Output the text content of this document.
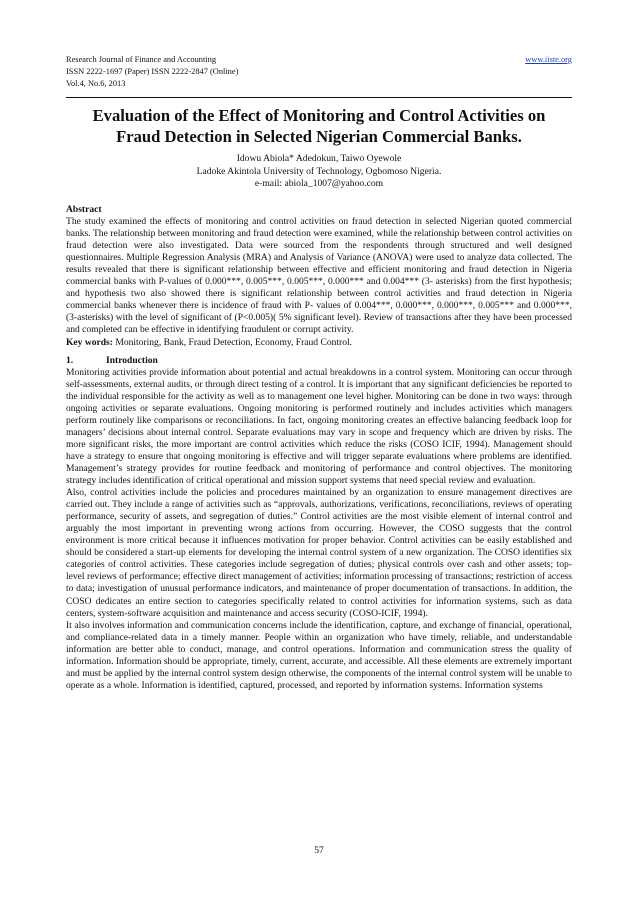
Research Journal of Finance and Accounting
ISSN 2222-1697 (Paper) ISSN 2222-2847 (Online)
Vol.4, No.6, 2013
www.iiste.org
Evaluation of the Effect of Monitoring and Control Activities on Fraud Detection in Selected Nigerian Commercial Banks.
Idowu Abiola* Adedokun, Taiwo Oyewole
Ladoke Akintola University of Technology, Ogbomoso Nigeria.
e-mail: abiola_1007@yahoo.com

Abstract

The study examined the effects of monitoring and control activities on fraud detection in selected Nigerian quoted commercial banks. The relationship between monitoring and fraud detection were examined, while the relationship between control activities on fraud detection were also investigated. Data were sourced from the respondents through structured and well designed questionnaires. Multiple Regression Analysis (MRA) and Analysis of Variance (ANOVA) were used to analyze data collected. The results revealed that there is significant relationship between effective and efficient monitoring and fraud detection in Nigeria commercial banks with P-values of 0.000***, 0.005***, 0.005***, 0.000*** and 0.004*** (3- asterisks) from the first hypothesis; and hypothesis two also showed there is significant relationship between control activities and fraud detection in Nigeria commercial banks whenever there is incidence of fraud with P- values of 0.004***, 0.000***, 0.000***, 0.005*** and 0.000***, (3-asterisks) with the level of significant of (P<0.005)( 5% significant level). Review of transactions after they have been processed and completed can be effective in identifying fraudulent or corrupt activity.

Key words: Monitoring, Bank, Fraud Detection, Economy, Fraud Control.

1.	Introduction

Monitoring activities provide information about potential and actual breakdowns in a control system. Monitoring can occur through self-assessments, external audits, or through direct testing of a control. It is important that any significant deficiencies be reported to the individual responsible for the activity as well as to management one level higher. Monitoring can be done in two ways: through ongoing activities or separate evaluations. Ongoing monitoring is performed routinely and includes activities which managers perform routinely like comparisons or reconciliations. In fact, ongoing monitoring creates an effective balancing feedback loop for managers’ decisions about internal control. Separate evaluations may vary in scope and frequency which are driven by risks. The more significant risks, the more important are control activities which reduce the risks (COSO ICIF, 1994). Management should have a strategy to ensure that ongoing monitoring is effective and will trigger separate evaluations where problems are identified. Management’s strategy provides for routine feedback and monitoring of performance and control objectives. The monitoring strategy includes identification of critical operational and mission support systems that need special review and evaluation.

Also, control activities include the policies and procedures maintained by an organization to ensure management directives are carried out. They include a range of activities such as “approvals, authorizations, verifications, reconciliations, reviews of operating performance, security of assets, and segregation of duties.” Control activities are the most visible element of internal control and arguably the most important in preventing wrong actions from occurring. However, the COSO suggests that the control environment is more critical because it influences motivation for proper behavior. Control activities can be easily established and should be considered a start-up elements for developing the internal control system of a new organization. The COSO identifies six categories of control activities. These categories include segregation of duties; physical controls over cash and other assets; top-level reviews of performance; effective direct management of activities; information processing of transactions; restriction of access to data; investigation of unusual performance indicators, and maintenance of proper documentation of transactions. In addition, the COSO dedicates an entire section to categories specifically related to control activities for information systems, such as data centers, system-software acquisition and maintenance and access security (COSO-ICIF, 1994).

It also involves information and communication concerns include the identification, capture, and exchange of financial, operational, and compliance-related data in a timely manner. People within an organization who have timely, reliable, and understandable information are better able to conduct, manage, and control operations. Information and communication stress the quality of information. Information should be appropriate, timely, current, accurate, and accessible. All these elements are extremely important and must be applied by the internal control system design otherwise, the components of the internal control system will be unable to operate as a whole. Information is identified, captured, processed, and reported by information systems. Information systems

57
